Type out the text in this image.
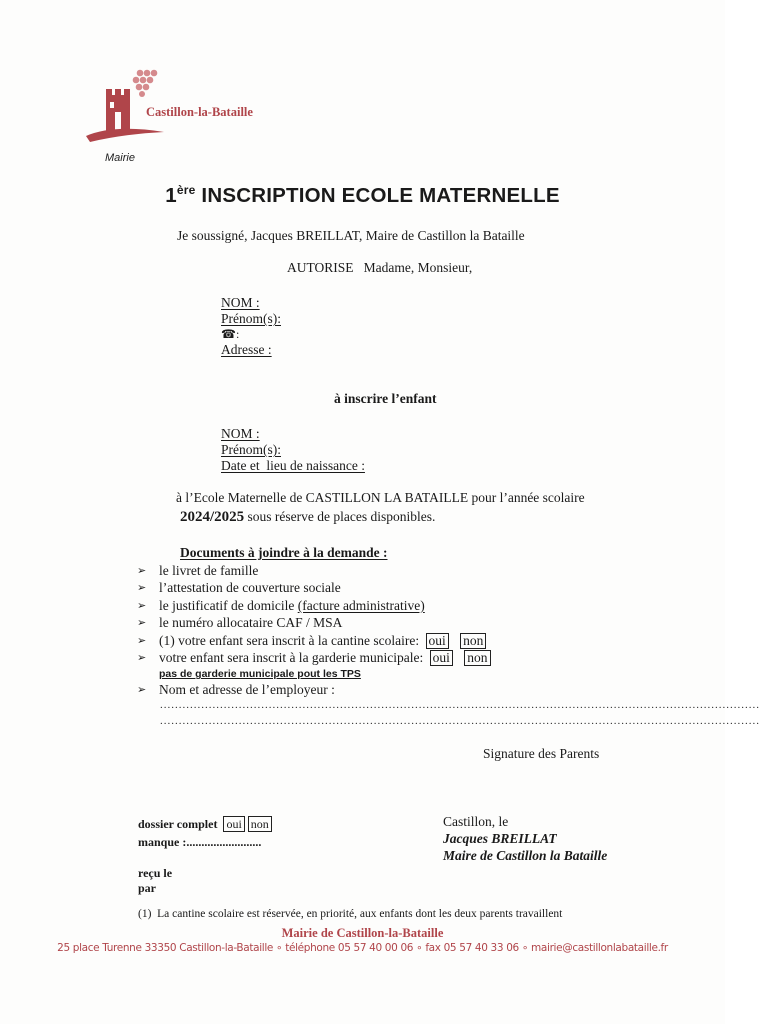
Castillon-la-Bataille
Mairie
1ère INSCRIPTION ECOLE MATERNELLE
Je soussigné, Jacques BREILLAT, Maire de Castillon la Bataille
AUTORISE   Madame, Monsieur,
NOM :
Prénom(s):
☎:
Adresse :
à inscrire l’enfant
NOM :
Prénom(s):
Date et  lieu de naissance :
à l’Ecole Maternelle de CASTILLON LA BATAILLE pour l’année scolaire
2024/2025 sous réserve de places disponibles.
Documents à joindre à la demande :
➢ le livret de famille
➢ l’attestation de couverture sociale
➢ le justificatif de domicile (facture administrative)
➢ le numéro allocataire CAF / MSA
➢ (1) votre enfant sera inscrit à la cantine scolaire: oui non
➢ votre enfant sera inscrit à la garderie municipale: oui non
pas de garderie municipale pout les TPS
➢ Nom et adresse de l’employeur :
................................................................................................................................................................
................................................................................................................................................................
Signature des Parents
dossier complet oui non
manque :.........................
reçu le
par
Castillon, le
Jacques BREILLAT
Maire de Castillon la Bataille
(1)  La cantine scolaire est réservée, en priorité, aux enfants dont les deux parents travaillent
Mairie de Castillon-la-Bataille
25 place Turenne 33350 Castillon-la-Bataille ∘ téléphone 05 57 40 00 06 ∘ fax 05 57 40 33 06 ∘ mairie@castillonlabataille.fr
